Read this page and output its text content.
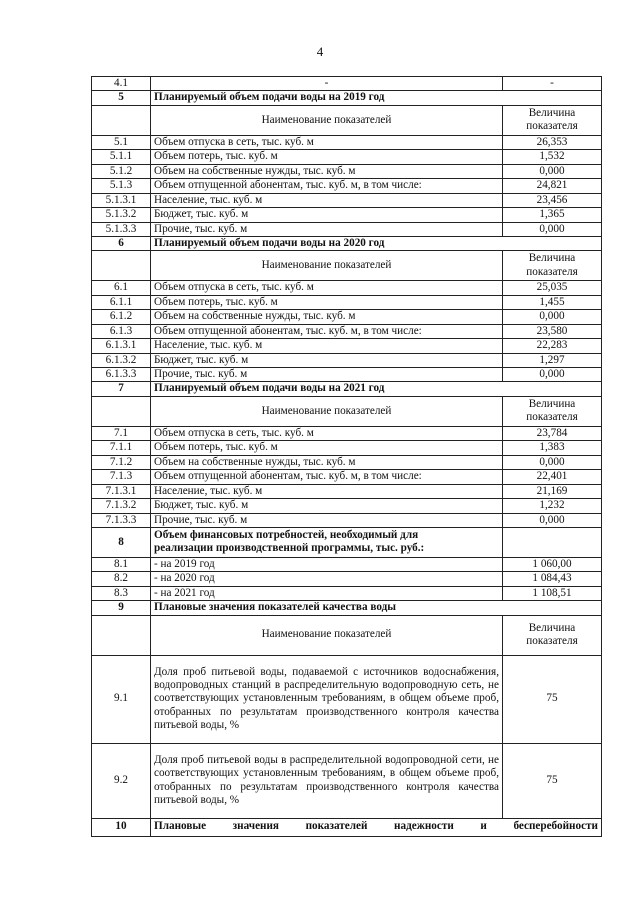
4
4.1	-	-
5	Планируемый объем подачи воды на 2019 год	
	Наименование показателей	Величина
показателя
5.1	Объем отпуска в сеть, тыс. куб. м	26,353
5.1.1	Объем потерь, тыс. куб. м	1,532
5.1.2	Объем на собственные нужды, тыс. куб. м	0,000
5.1.3	Объем отпущенной абонентам, тыс. куб. м, в том числе:	24,821
5.1.3.1	Население, тыс. куб. м	23,456
5.1.3.2	Бюджет, тыс. куб. м	1,365
5.1.3.3	Прочие, тыс. куб. м	0,000
6	Планируемый объем подачи воды на 2020 год	
	Наименование показателей	Величина
показателя
6.1	Объем отпуска в сеть, тыс. куб. м	25,035
6.1.1	Объем потерь, тыс. куб. м	1,455
6.1.2	Объем на собственные нужды, тыс. куб. м	0,000
6.1.3	Объем отпущенной абонентам, тыс. куб. м, в том числе:	23,580
6.1.3.1	Население, тыс. куб. м	22,283
6.1.3.2	Бюджет, тыс. куб. м	1,297
6.1.3.3	Прочие, тыс. куб. м	0,000
7	Планируемый объем подачи воды на 2021 год	
	Наименование показателей	Величина
показателя
7.1	Объем отпуска в сеть, тыс. куб. м	23,784
7.1.1	Объем потерь, тыс. куб. м	1,383
7.1.2	Объем на собственные нужды, тыс. куб. м	0,000
7.1.3	Объем отпущенной абонентам, тыс. куб. м, в том числе:	22,401
7.1.3.1	Население, тыс. куб. м	21,169
7.1.3.2	Бюджет, тыс. куб. м	1,232
7.1.3.3	Прочие, тыс. куб. м	0,000
8	Объем финансовых потребностей, необходимый для
реализации производственной программы, тыс. руб.:	
8.1	- на 2019 год	1 060,00
8.2	- на 2020 год	1 084,43
8.3	- на 2021 год	1 108,51
9	Плановые значения показателей качества воды	
	Наименование показателей	Величина
показателя
9.1	Доля проб питьевой воды, подаваемой с источников водоснабжения, водопроводных станций в распределительную водопроводную сеть, не соответствующих установленным требованиям, в общем объеме проб, отобранных по результатам производственного контроля качества питьевой воды, %	75
9.2	Доля проб питьевой воды в распределительной водопроводной сети, не соответствующих установленным требованиям, в общем объеме проб, отобранных по результатам производственного контроля качества питьевой воды, %	75
10	Плановые значения показателей надежности и бесперебойности	
